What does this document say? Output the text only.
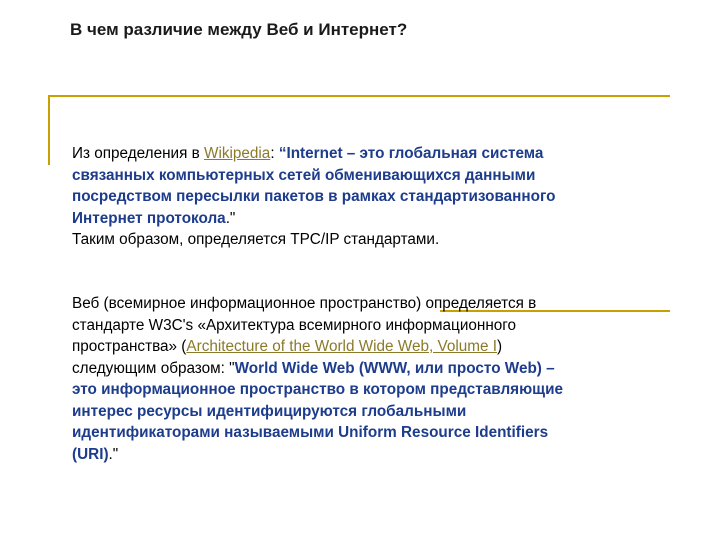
В чем различие между Веб и Интернет?
Из определения в Wikipedia: “Internet – это глобальная система
связанных компьютерных сетей обменивающихся данными
посредством пересылки пакетов в рамках стандартизованного
Интернет протокола."
Таким образом, определяется TPC/IP стандартами.
Веб (всемирное информационное пространство) определяется в
стандарте W3C's «Архитектура всемирного информационного
пространства» (Architecture of the World Wide Web, Volume I)
следующим образом: "World Wide Web (WWW, или просто Web) –
это информационное пространство в котором представляющие
интерес ресурсы идентифицируются глобальными
идентификаторами называемыми Uniform Resource Identifiers
(URI)."
